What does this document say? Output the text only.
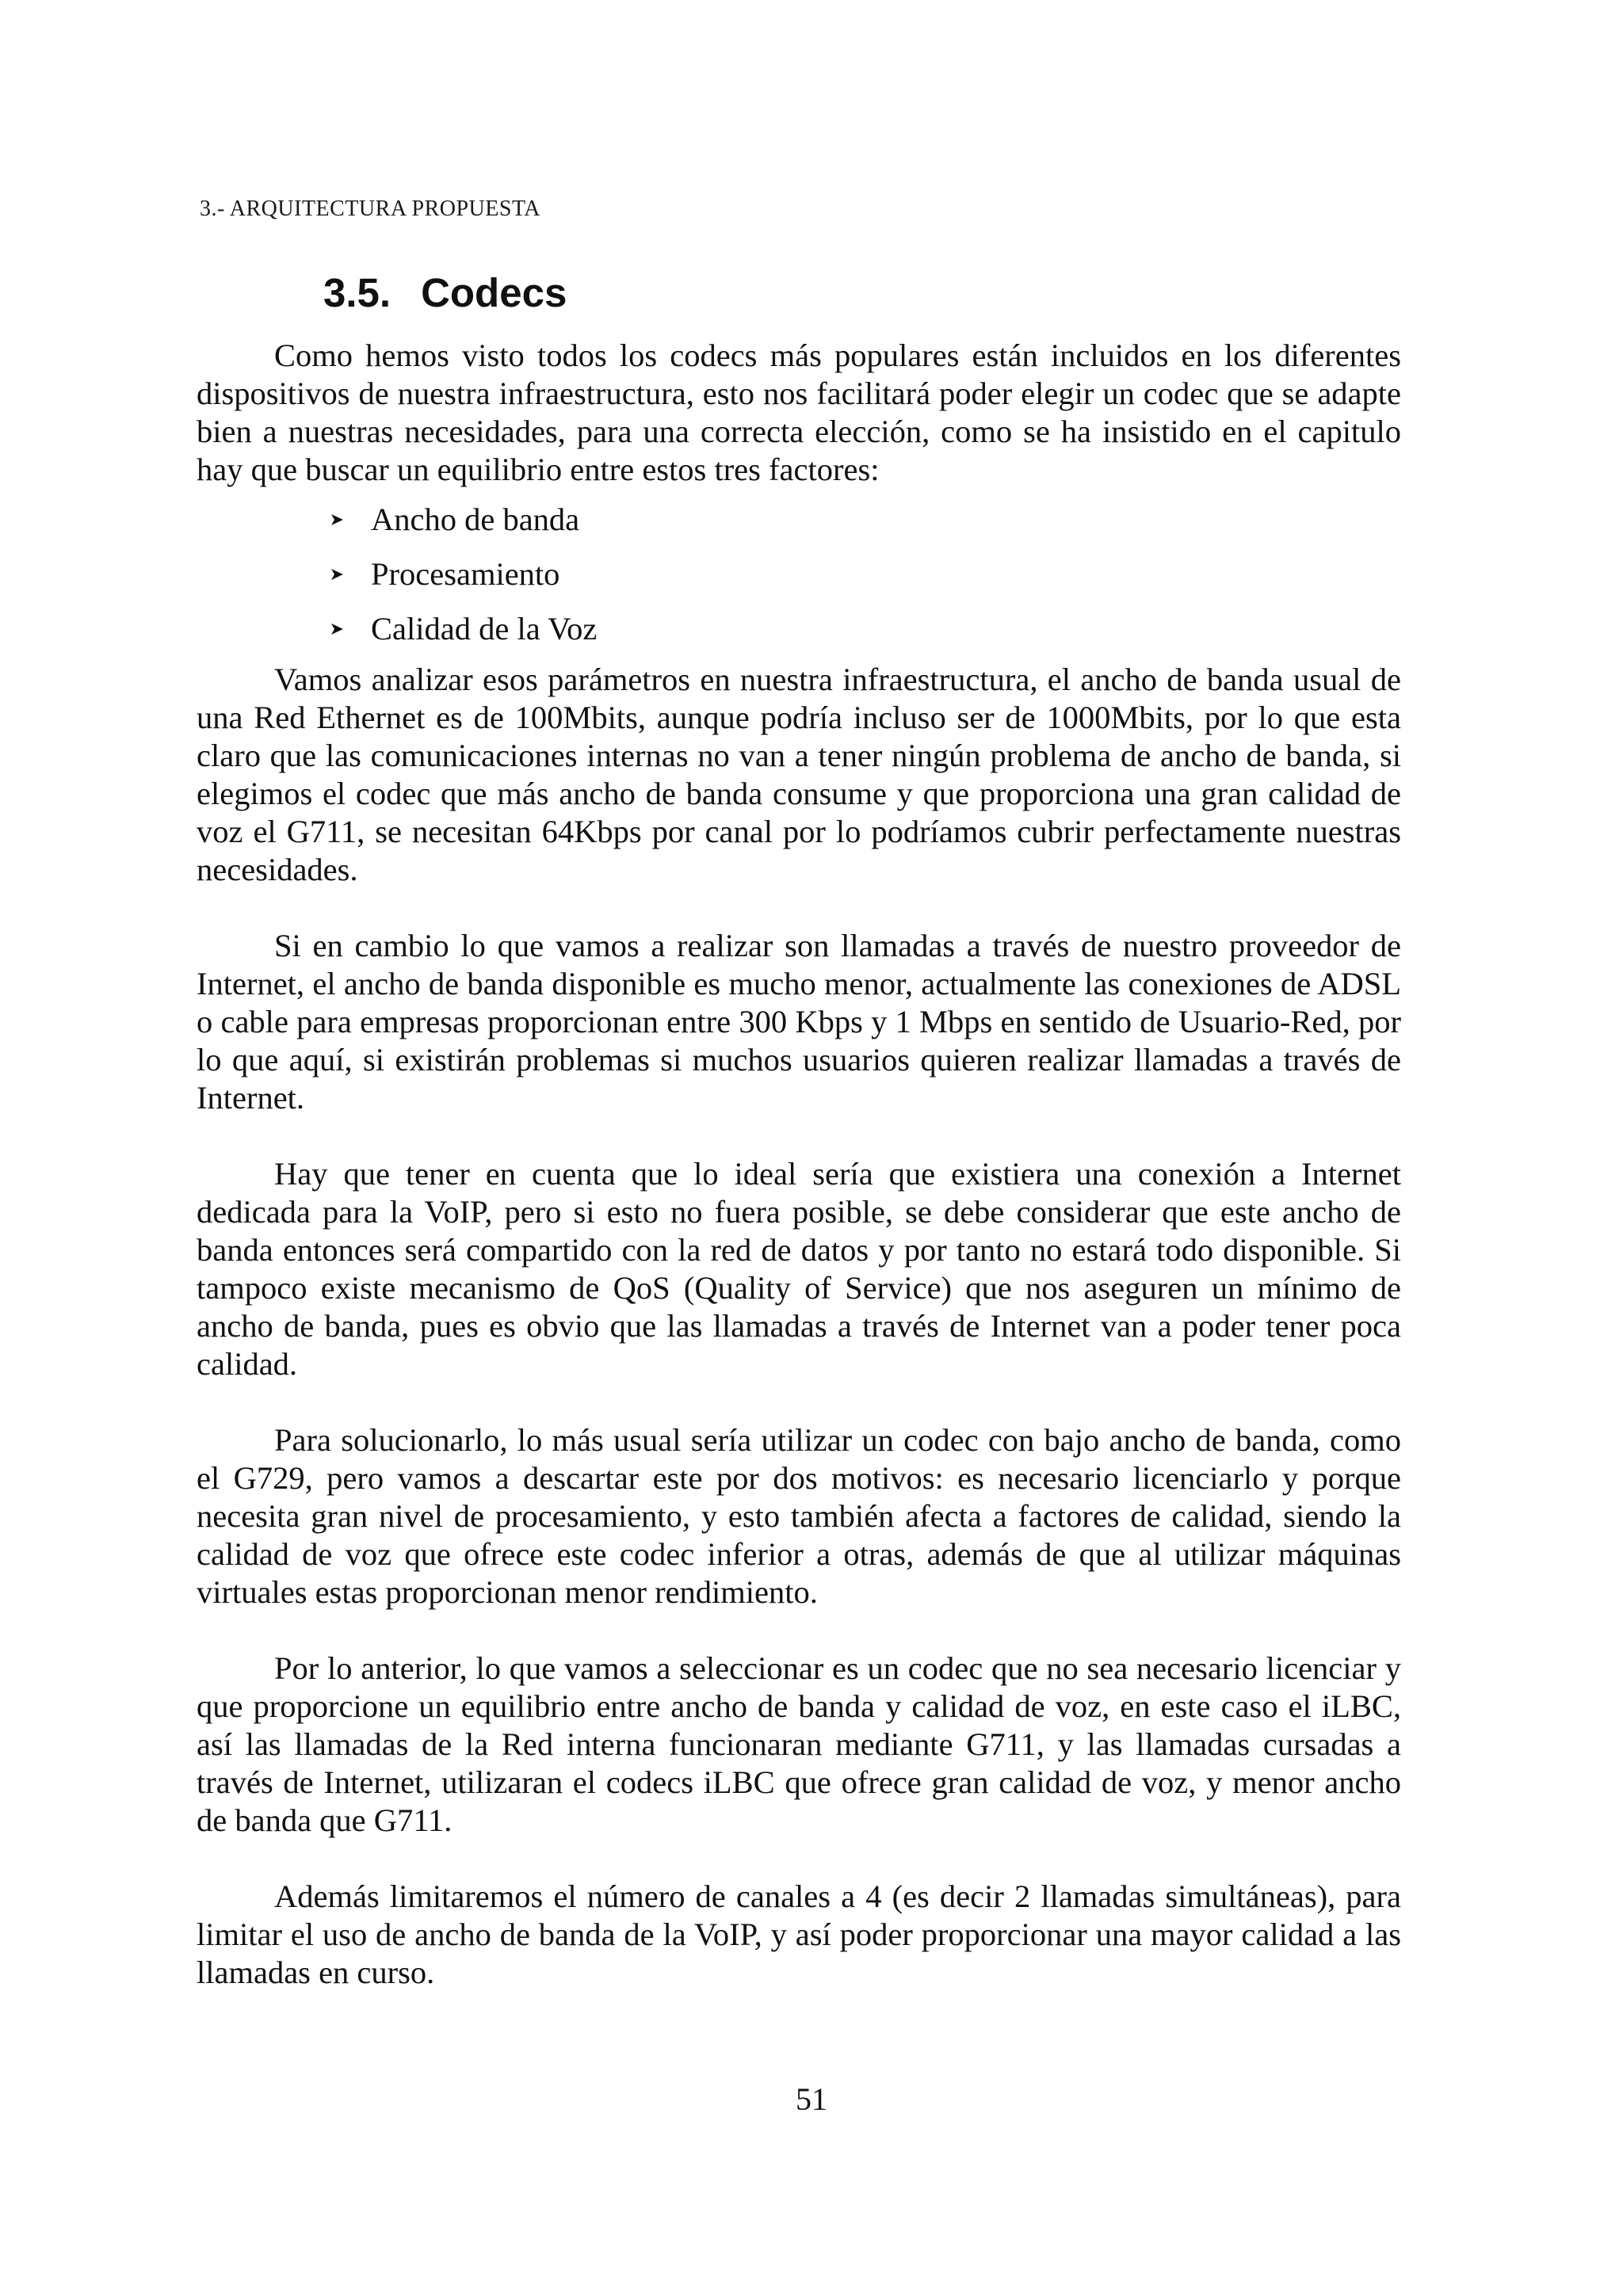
3.- ARQUITECTURA PROPUESTA
3.5. Codecs

Como hemos visto todos los codecs más populares están incluidos en los diferentes dispositivos de nuestra infraestructura, esto nos facilitará poder elegir un codec que se adapte bien a nuestras necesidades, para una correcta elección, como se ha insistido en el capitulo hay que buscar un equilibrio entre estos tres factores:

Ancho de banda
Procesamiento
Calidad de la Voz

Vamos analizar esos parámetros en nuestra infraestructura, el ancho de banda usual de una Red Ethernet es de 100Mbits, aunque podría incluso ser de 1000Mbits, por lo que esta claro que las comunicaciones internas no van a tener ningún problema de ancho de banda, si elegimos el codec que más ancho de banda consume y que proporciona una gran calidad de voz el G711, se necesitan 64Kbps por canal por lo podríamos cubrir perfectamente nuestras necesidades.

Si en cambio lo que vamos a realizar son llamadas a través de nuestro proveedor de Internet, el ancho de banda disponible es mucho menor, actualmente las conexiones de ADSL o cable para empresas proporcionan entre 300 Kbps y 1 Mbps en sentido de Usuario-Red, por lo que aquí, si existirán problemas si muchos usuarios quieren realizar llamadas a través de Internet.

Hay que tener en cuenta que lo ideal sería que existiera una conexión a Internet dedicada para la VoIP, pero si esto no fuera posible, se debe considerar que este ancho de banda entonces será compartido con la red de datos y por tanto no estará todo disponible. Si tampoco existe mecanismo de QoS (Quality of Service) que nos aseguren un mínimo de ancho de banda, pues es obvio que las llamadas a través de Internet van a poder tener poca calidad.

Para solucionarlo, lo más usual sería utilizar un codec con bajo ancho de banda, como el G729, pero vamos a descartar este por dos motivos: es necesario licenciarlo y porque necesita gran nivel de procesamiento, y esto también afecta a factores de calidad, siendo la calidad de voz que ofrece este codec inferior a otras, además de que al utilizar máquinas virtuales estas proporcionan menor rendimiento.

Por lo anterior, lo que vamos a seleccionar es un codec que no sea necesario licenciar y que proporcione un equilibrio entre ancho de banda y calidad de voz, en este caso el iLBC, así las llamadas de la Red interna funcionaran mediante G711, y las llamadas cursadas a través de Internet, utilizaran el codecs iLBC que ofrece gran calidad de voz, y menor ancho de banda que G711.

Además limitaremos el número de canales a 4 (es decir 2 llamadas simultáneas), para limitar el uso de ancho de banda de la VoIP, y así poder proporcionar una mayor calidad a las llamadas en curso.

51
